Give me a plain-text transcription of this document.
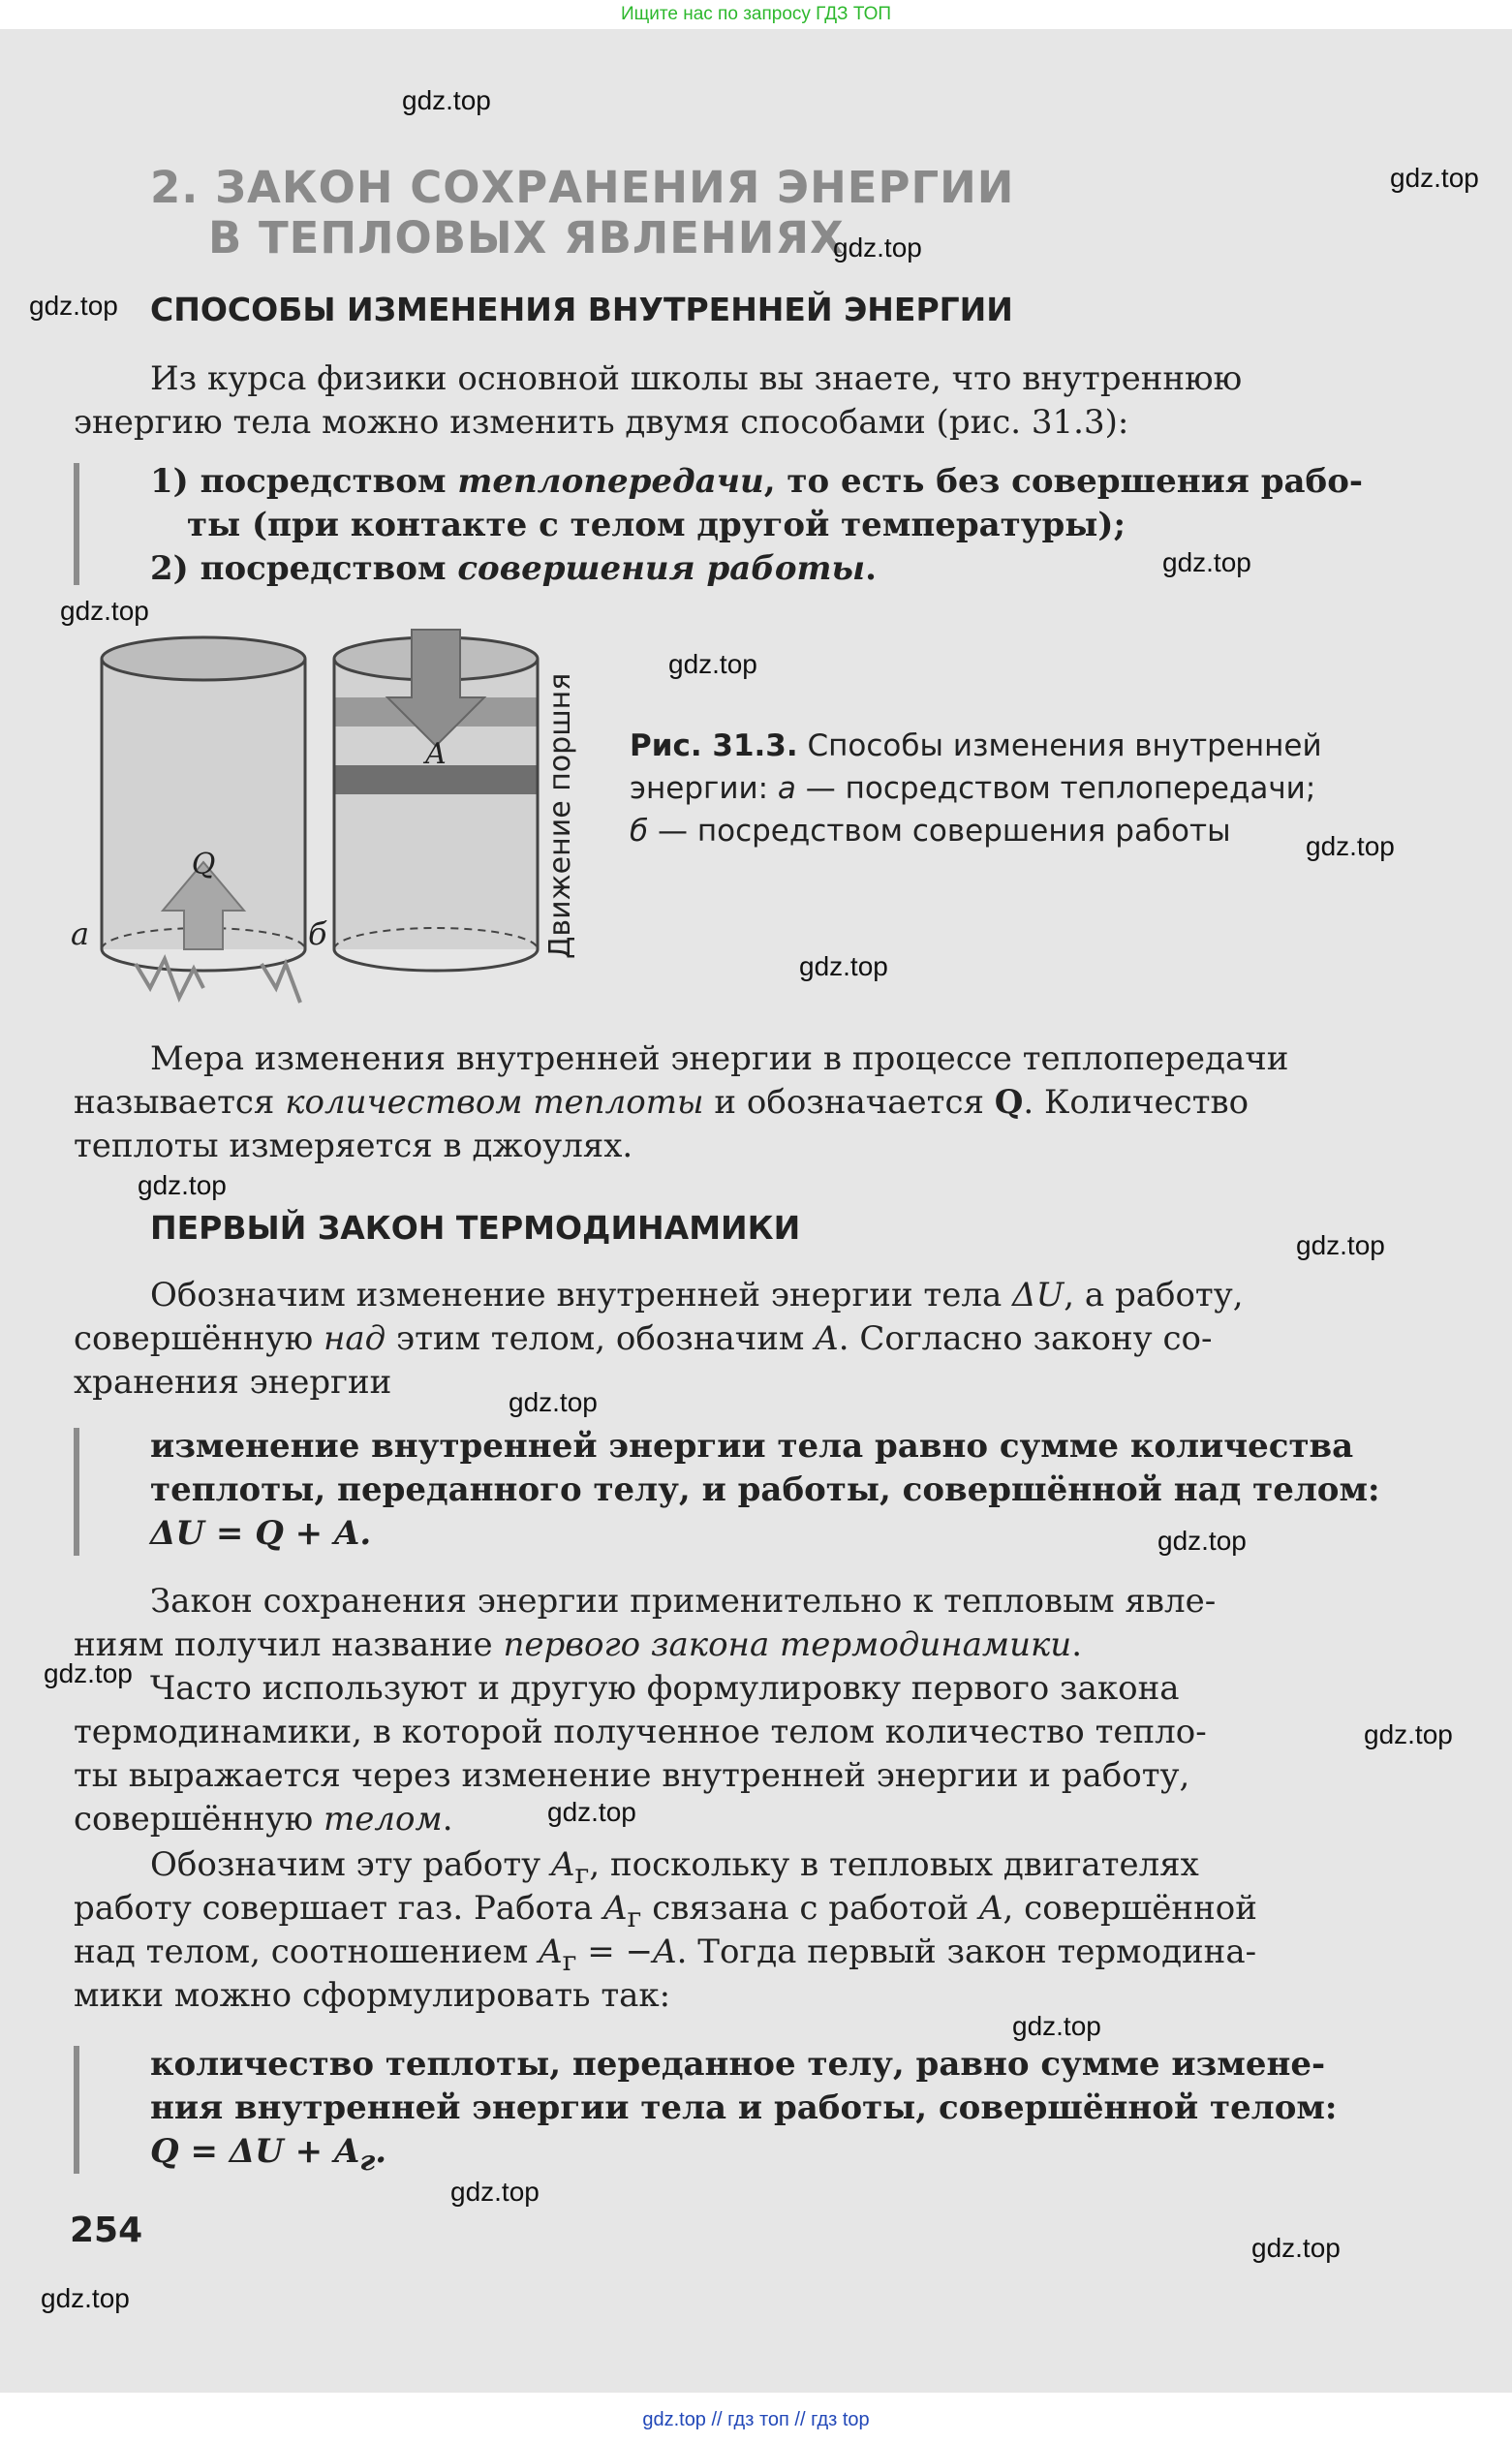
Ищите нас по запросу ГДЗ ТОП
2. ЗАКОН СОХРАНЕНИЯ ЭНЕРГИИ
В ТЕПЛОВЫХ ЯВЛЕНИЯХ
СПОСОБЫ ИЗМЕНЕНИЯ ВНУТРЕННЕЙ ЭНЕРГИИ
Из курса физики основной школы вы знаете, что внутреннюю
энергию тела можно изменить двумя способами (рис. 31.3):
1) посредством теплопередачи, то есть без совершения рабо-
ты (при контакте с телом другой температуры);
2) посредством совершения работы.
Q
A	Движение поршня
а	б
Рис. 31.3. Способы изменения внутренней
энергии: а — посредством теплопередачи;
б — посредством совершения работы
Мера изменения внутренней энергии в процессе теплопередачи
называется количеством теплоты и обозначается Q. Количество
теплоты измеряется в джоулях.
ПЕРВЫЙ ЗАКОН ТЕРМОДИНАМИКИ
Обозначим изменение внутренней энергии тела ΔU, а работу,
совершённую над этим телом, обозначим A. Согласно закону со-
хранения энергии
изменение внутренней энергии тела равно сумме количества
теплоты, переданного телу, и работы, совершённой над телом:
ΔU = Q + A.
Закон сохранения энергии применительно к тепловым явле-
ниям получил название первого закона термодинамики.
Часто используют и другую формулировку первого закона
термодинамики, в которой полученное телом количество тепло-
ты выражается через изменение внутренней энергии и работу,
совершённую телом.
Обозначим эту работу $A_г$, поскольку в тепловых двигателях
работу совершает газ. Работа $A_г$ связана с работой A, совершённой
над телом, соотношением $A_г = -A$. Тогда первый закон термодина-
мики можно сформулировать так:
количество теплоты, переданное телу, равно сумме измене-
ния внутренней энергии тела и работы, совершённой телом:
$Q = \Delta U + A_г$.
254
gdz.top
gdz.top
gdz.top
gdz.top
gdz.top
gdz.top
gdz.top
gdz.top
gdz.top
gdz.top
gdz.top
gdz.top
gdz.top
gdz.top
gdz.top
gdz.top
gdz.top
gdz.top
gdz.top
gdz.top
gdz.top // гдз топ // гдз top
